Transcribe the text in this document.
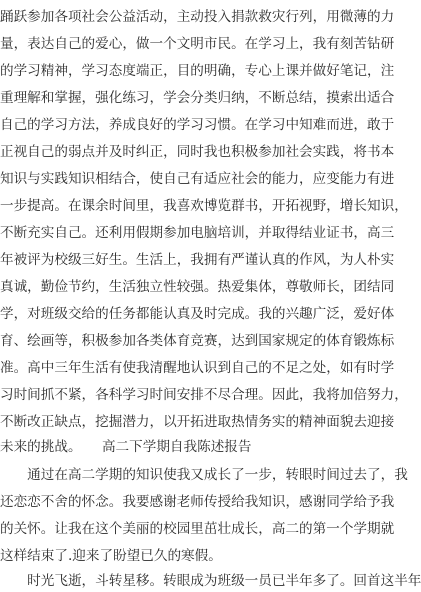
踊跃参加各项社会公益活动，主动投入捐款救灾行列，用微薄的力
量，表达自己的爱心，做一个文明市民。在学习上，我有刻苦钻研
的学习精神，学习态度端正，目的明确，专心上课并做好笔记，注
重理解和掌握，强化练习，学会分类归纳，不断总结，摸索出适合
自己的学习方法，养成良好的学习习惯。在学习中知难而进，敢于
正视自己的弱点并及时纠正，同时我也积极参加社会实践，将书本
知识与实践知识相结合，使自己有适应社会的能力，应变能力有进
一步提高。在课余时间里，我喜欢博览群书，开拓视野，增长知识，
不断充实自己。还利用假期参加电脑培训，并取得结业证书，高三
年被评为校级三好生。生活上，我拥有严谨认真的作风，为人朴实
真诚，勤俭节约，生活独立性较强。热爱集体，尊敬师长，团结同
学，对班级交给的任务都能认真及时完成。我的兴趣广泛，爱好体
育、绘画等，积极参加各类体育竞赛，达到国家规定的体育锻炼标
准。高中三年生活有使我清醒地认识到自己的不足之处，如有时学
习时间抓不紧，各科学习时间安排不尽合理。因此，我将加倍努力，
不断改正缺点，挖掘潜力，以开拓进取热情务实的精神面貌去迎接
未来的挑战。　　高二下学期自我陈述报告
　　通过在高二学期的知识使我又成长了一步，转眼时间过去了，我
还恋恋不舍的怀念。我要感谢老师传授给我知识，感谢同学给予我
的关怀。让我在这个美丽的校园里茁壮成长，高二的第一个学期就
这样结束了.迎来了盼望已久的寒假。
　　时光飞逝，斗转星移。转眼成为班级一员已半年多了。回首这半年
